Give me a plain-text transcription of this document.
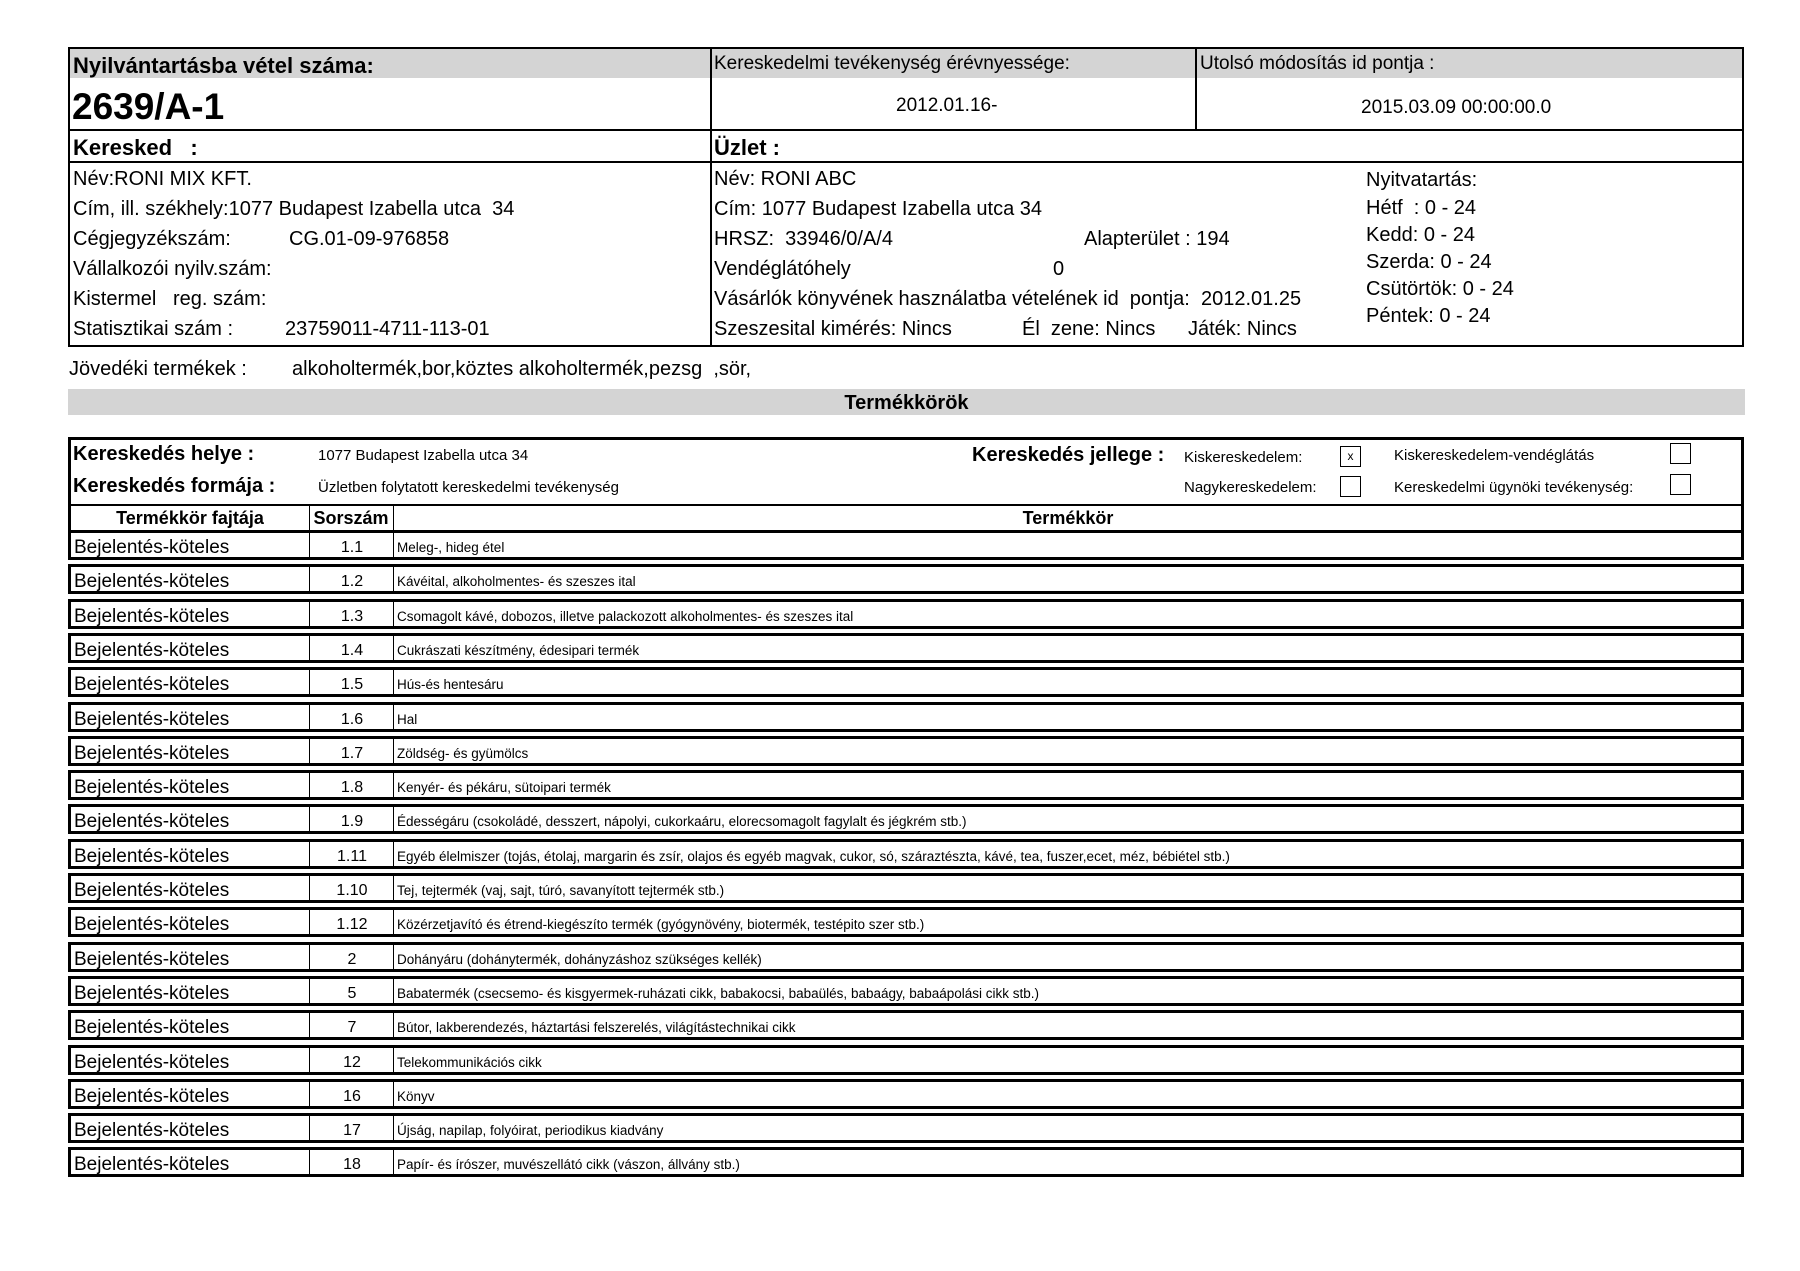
Nyilvántartásba vétel száma:
2639/A-1
Kereskedelmi tevékenység érévnyessége:
2012.01.16-
Utolsó módosítás id pontja :
2015.03.09 00:00:00.0
Keresked   :
Név:RONI MIX KFT.
Cím, ill. székhely:1077 Budapest Izabella utca  34
Cégjegyzékszám:	CG.01-09-976858
Vállalkozói nyilv.szám:
Kistermel   reg. szám:
Statisztikai szám :	23759011-4711-113-01
Üzlet :
Név: RONI ABC
Cím: 1077 Budapest Izabella utca 34
HRSZ:  33946/0/A/4	Alapterület : 194
Vendéglátóhely	0
Vásárlók könyvének használatba vételének id  pontja:  2012.01.25
Szeszesital kimérés: Nincs	Él  zene: Nincs Játék: Nincs
Nyitvatartás:
Hétf  : 0 - 24
Kedd: 0 - 24
Szerda: 0 - 24
Csütörtök: 0 - 24
Péntek: 0 - 24
Jövedéki termékek : alkoholtermék,bor,köztes alkoholtermék,pezsg  ,sör,
Termékkörök
Kereskedés helye :	1077 Budapest Izabella utca 34
Kereskedés formája :	Üzletben folytatott kereskedelmi tevékenység
Kereskedés jellege : Kiskereskedelem:	x	Kiskereskedelem-vendéglátás
Nagykereskedelem:	Kereskedelmi ügynöki tevékenység:
Termékkör fajtája	Sorszám	Termékkör
Bejelentés-köteles	1.1	Meleg-, hideg étel
Bejelentés-köteles	1.2	Kávéital, alkoholmentes- és szeszes ital
Bejelentés-köteles	1.3	Csomagolt kávé, dobozos, illetve palackozott alkoholmentes- és szeszes ital
Bejelentés-köteles	1.4	Cukrászati készítmény, édesipari termék
Bejelentés-köteles	1.5	Hús-és hentesáru
Bejelentés-köteles	1.6	Hal
Bejelentés-köteles	1.7	Zöldség- és gyümölcs
Bejelentés-köteles	1.8	Kenyér- és pékáru, sütoipari termék
Bejelentés-köteles	1.9	Édességáru (csokoládé, desszert, nápolyi, cukorkaáru, elorecsomagolt fagylalt és jégkrém stb.)
Bejelentés-köteles	1.11	Egyéb élelmiszer (tojás, étolaj, margarin és zsír, olajos és egyéb magvak, cukor, só, száraztészta, kávé, tea, fuszer,ecet, méz, bébiétel stb.)
Bejelentés-köteles	1.10	Tej, tejtermék (vaj, sajt, túró, savanyított tejtermék stb.)
Bejelentés-köteles	1.12	Közérzetjavító és étrend-kiegészíto termék (gyógynövény, biotermék, testépito szer stb.)
Bejelentés-köteles	2	Dohányáru (dohánytermék, dohányzáshoz szükséges kellék)
Bejelentés-köteles	5	Babatermék (csecsemo- és kisgyermek-ruházati cikk, babakocsi, babaülés, babaágy, babaápolási cikk stb.)
Bejelentés-köteles	7	Bútor, lakberendezés, háztartási felszerelés, világítástechnikai cikk
Bejelentés-köteles	12	Telekommunikációs cikk
Bejelentés-köteles	16	Könyv
Bejelentés-köteles	17	Újság, napilap, folyóirat, periodikus kiadvány
Bejelentés-köteles	18	Papír- és írószer, muvészellátó cikk (vászon, állvány stb.)
